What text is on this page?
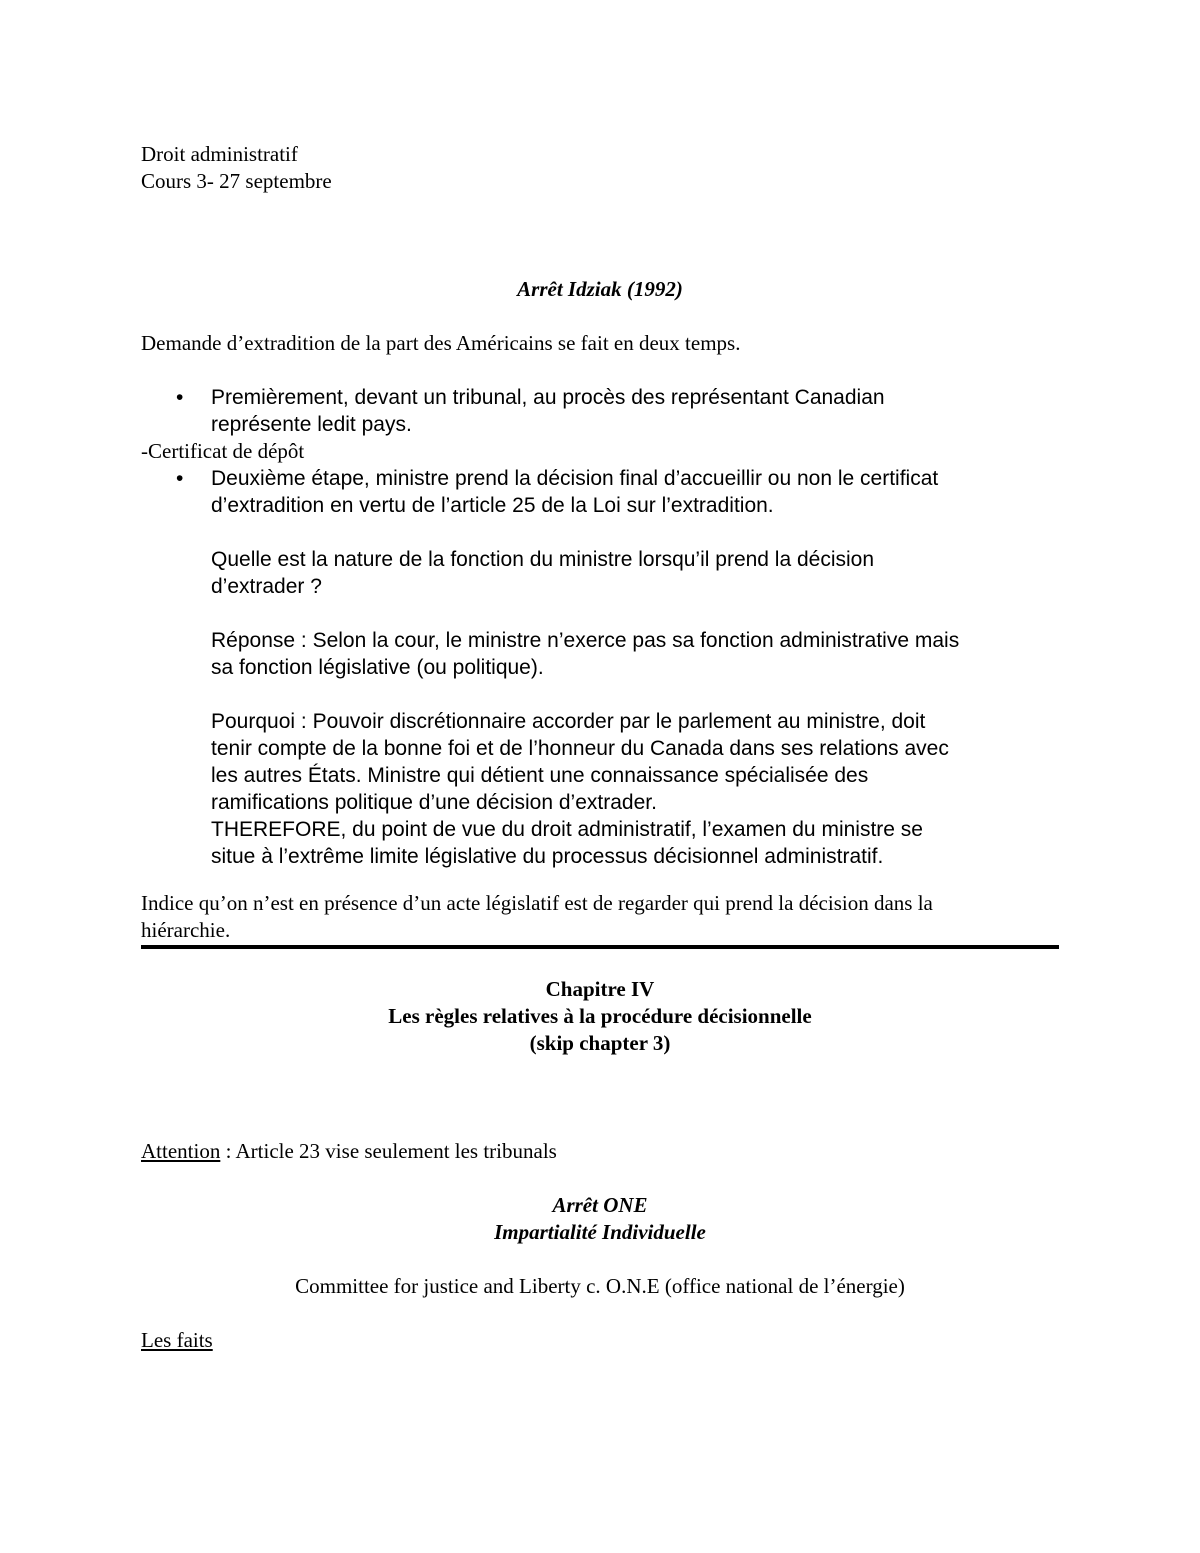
Droit administratif

Cours 3- 27 septembre

Arrêt Idziak (1992)

Demande d’extradition de la part des Américains se fait en deux temps.

• Premièrement, devant un tribunal, au procès des représentant Canadian

représente ledit pays.

-Certificat de dépôt

• Deuxième étape, ministre prend la décision final d’accueillir ou non le certificat

d’extradition en vertu de l’article 25 de la Loi sur l’extradition.

Quelle est la nature de la fonction du ministre lorsqu’il prend la décision

d’extrader ?

Réponse : Selon la cour, le ministre n’exerce pas sa fonction administrative mais

sa fonction législative (ou politique).

Pourquoi : Pouvoir discrétionnaire accorder par le parlement au ministre, doit

tenir compte de la bonne foi et de l’honneur du Canada dans ses relations avec

les autres États. Ministre qui détient une connaissance spécialisée des

ramifications politique d’une décision d’extrader.

THEREFORE, du point de vue du droit administratif, l’examen du ministre se

situe à l’extrême limite législative du processus décisionnel administratif.

Indice qu’on n’est en présence d’un acte législatif est de regarder qui prend la décision dans la

hiérarchie.

Chapitre IV

Les règles relatives à la procédure décisionnelle

(skip chapter 3)

Attention : Article 23 vise seulement les tribunals

Arrêt ONE

Impartialité Individuelle

Committee for justice and Liberty c. O.N.E (office national de l’énergie)

Les faits
